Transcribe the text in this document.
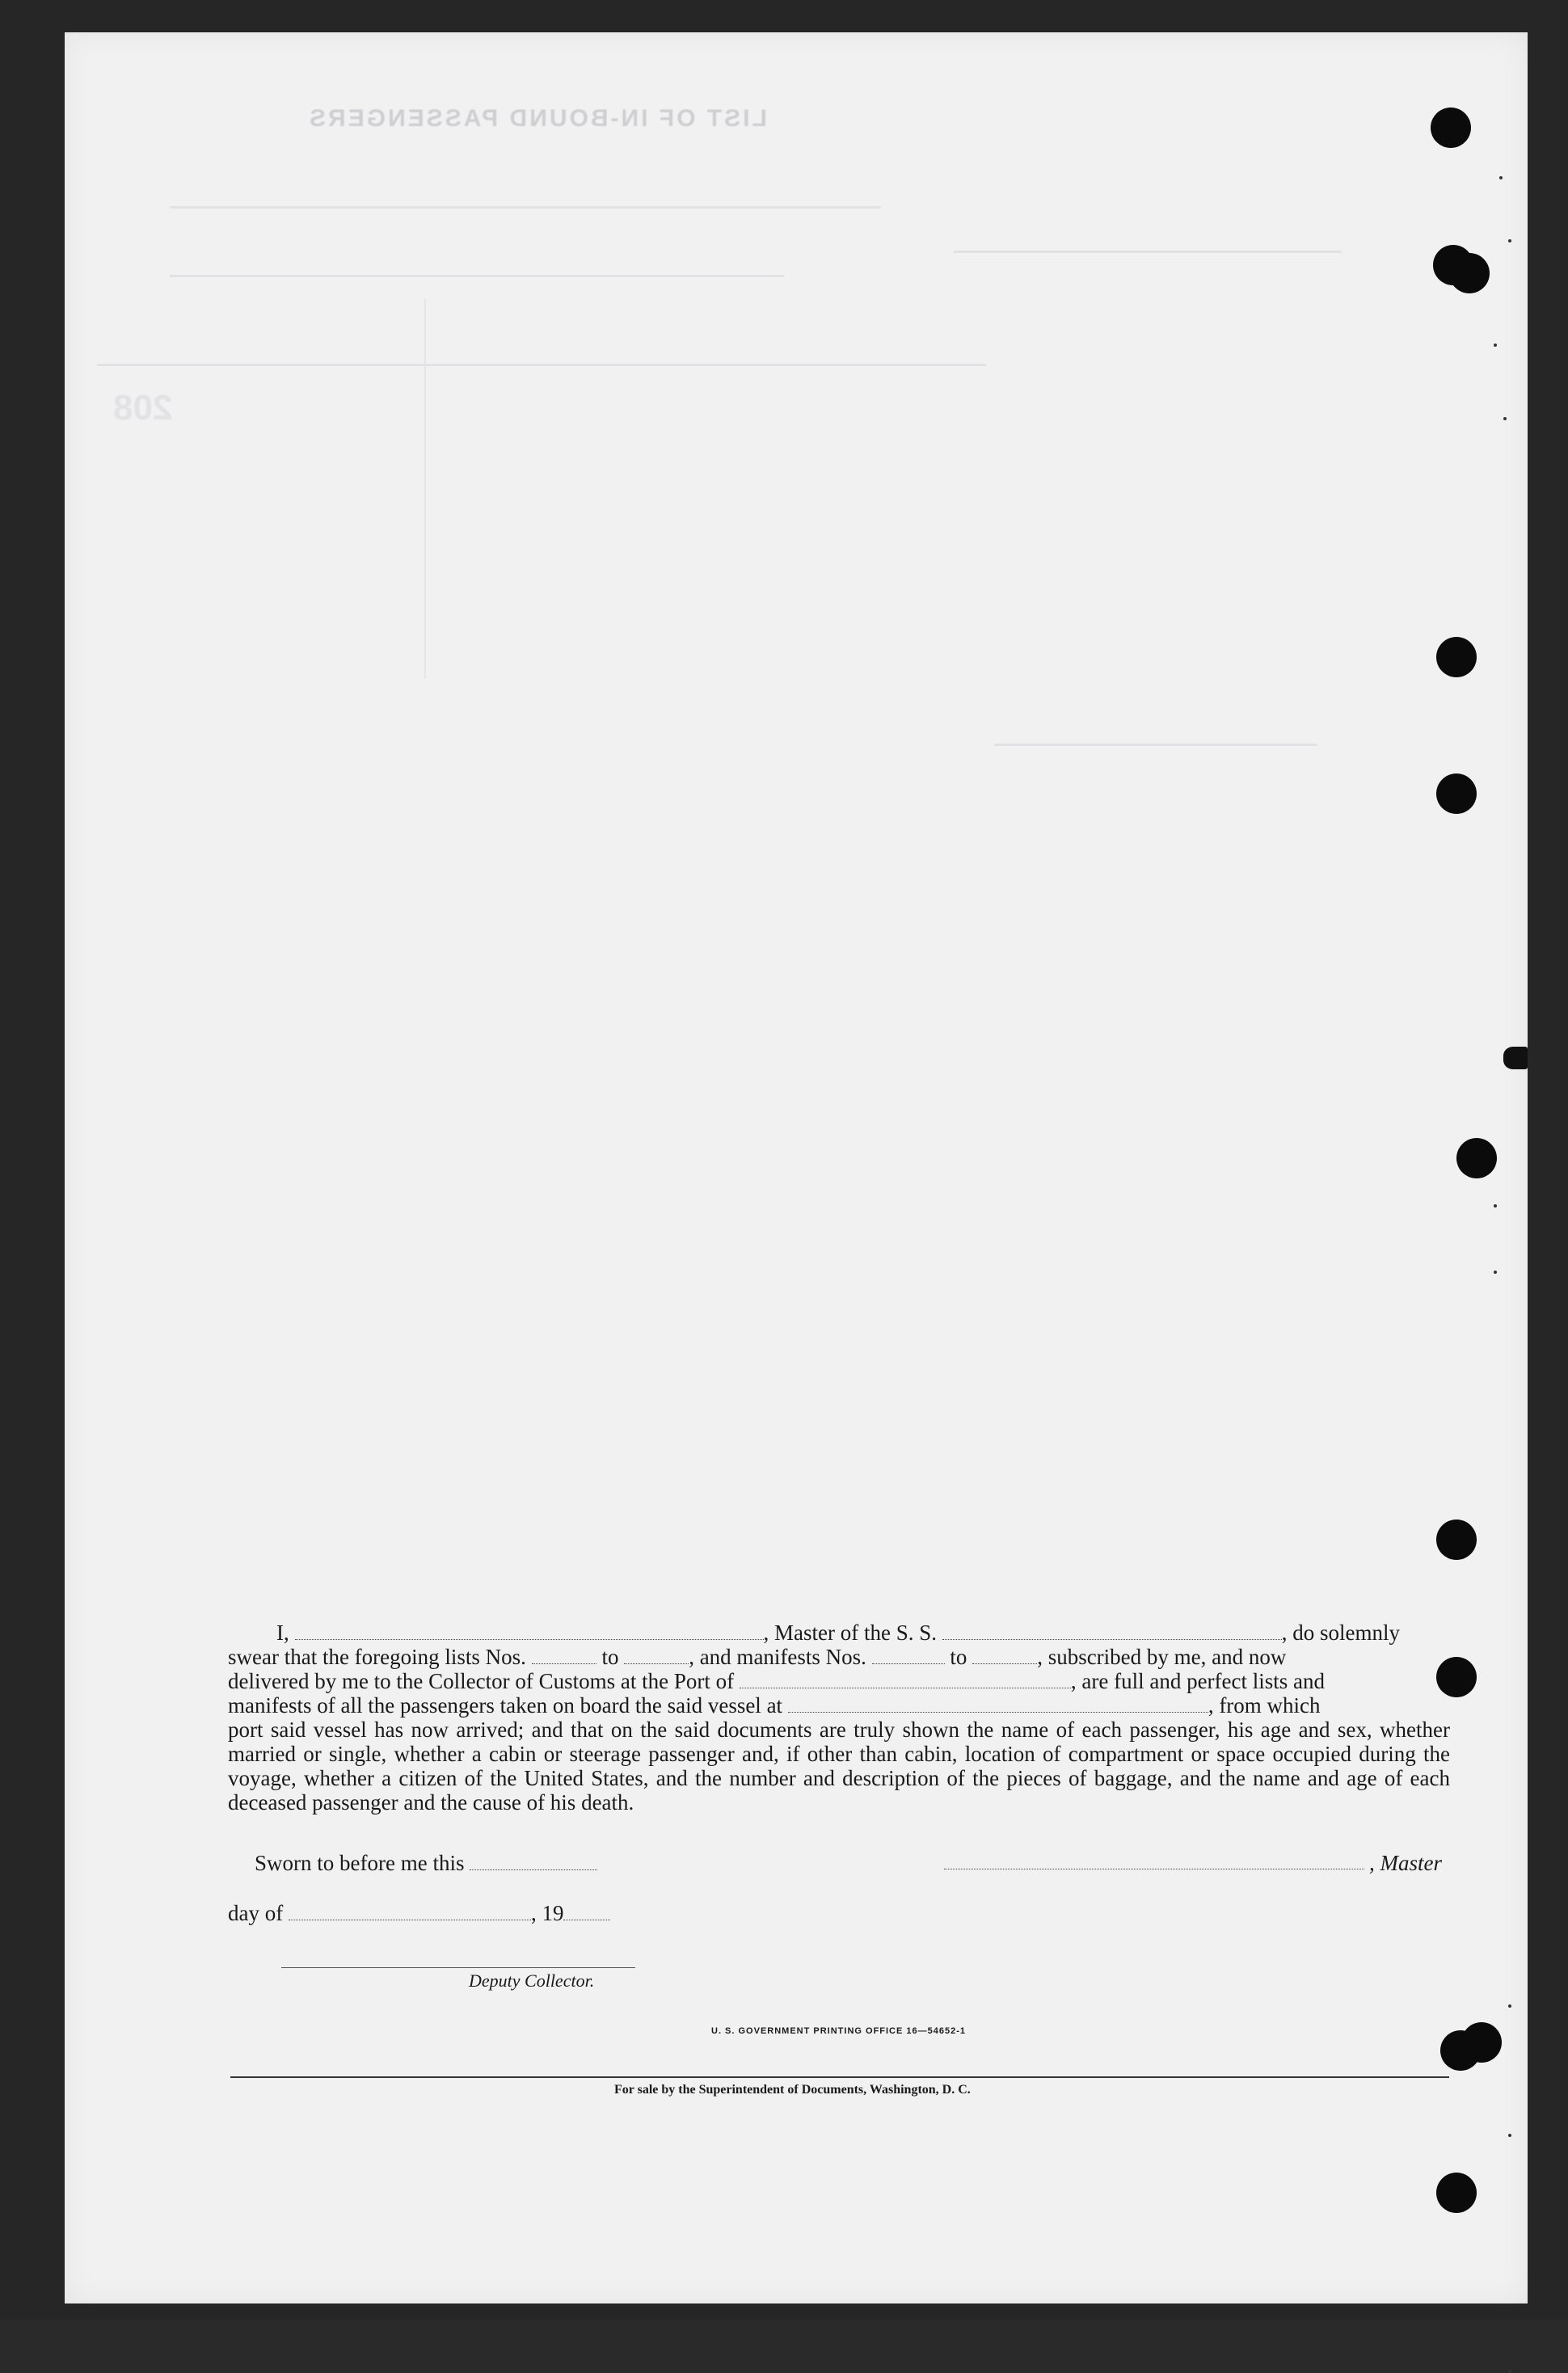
LIST OF IN-BOUND PASSENGERS
208

I,	, Master of the S. S.	, do solemnly

swear that the foregoing lists Nos.	to	, and manifests Nos.	to	, subscribed by me, and now

delivered by me to the Collector of Customs at the Port of	, are full and perfect lists and

manifests of all the passengers taken on board the said vessel at	, from which

port said vessel has now arrived; and that on the said documents are truly shown the name of each passenger, his age and sex, whether married or single, whether a cabin or steerage passenger and, if other than cabin, location of compartment or space occupied during the voyage, whether a citizen of the United States, and the number and description of the pieces of baggage, and the name and age of each deceased passenger and the cause of his death.

Sworn to before me this	, Master
day of	, 19
Deputy Collector.
U. S. GOVERNMENT PRINTING OFFICE 16—54652-1
For sale by the Superintendent of Documents, Washington, D. C.
